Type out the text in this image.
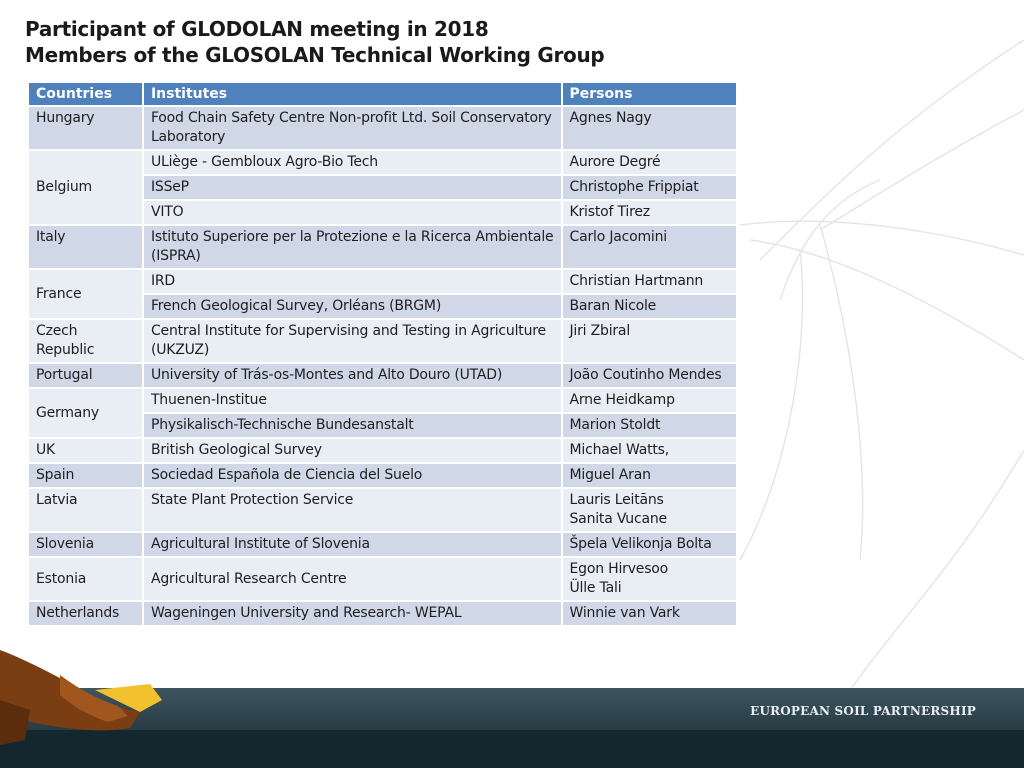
Participant of GLODOLAN meeting in 2018
Members of the GLOSOLAN Technical Working Group
EUROPEAN SOIL PARTNERSHIP
Countries	Institutes	Persons
Hungary	Food Chain Safety Centre Non-profit Ltd. Soil Conservatory Laboratory	Agnes Nagy
Belgium	ULiège - Gembloux Agro-Bio Tech	Aurore Degré
	ISSeP	Christophe Frippiat
	VITO	Kristof Tirez
Italy	Istituto Superiore per la Protezione e la Ricerca Ambientale (ISPRA)	Carlo Jacomini
France	IRD	Christian Hartmann
	French Geological Survey, Orléans (BRGM)	Baran Nicole
Czech Republic	Central Institute for Supervising and Testing in Agriculture (UKZUZ)	Jiri Zbiral
Portugal	University of Trás-os-Montes and Alto Douro (UTAD)	João Coutinho Mendes
Germany	Thuenen-Institue	Arne Heidkamp
	Physikalisch-Technische Bundesanstalt	Marion Stoldt
UK	British Geological Survey	Michael Watts,
Spain	Sociedad Española de Ciencia del Suelo	Miguel Aran
Latvia	State Plant Protection Service	Lauris Leitāns
Sanita Vucane

Slovenia	Agricultural Institute of Slovenia	Špela Velikonja Bolta
Estonia	Agricultural Research Centre	Egon Hirvesoo
Ülle Tali

Netherlands	Wageningen University and Research- WEPAL	Winnie van Vark
